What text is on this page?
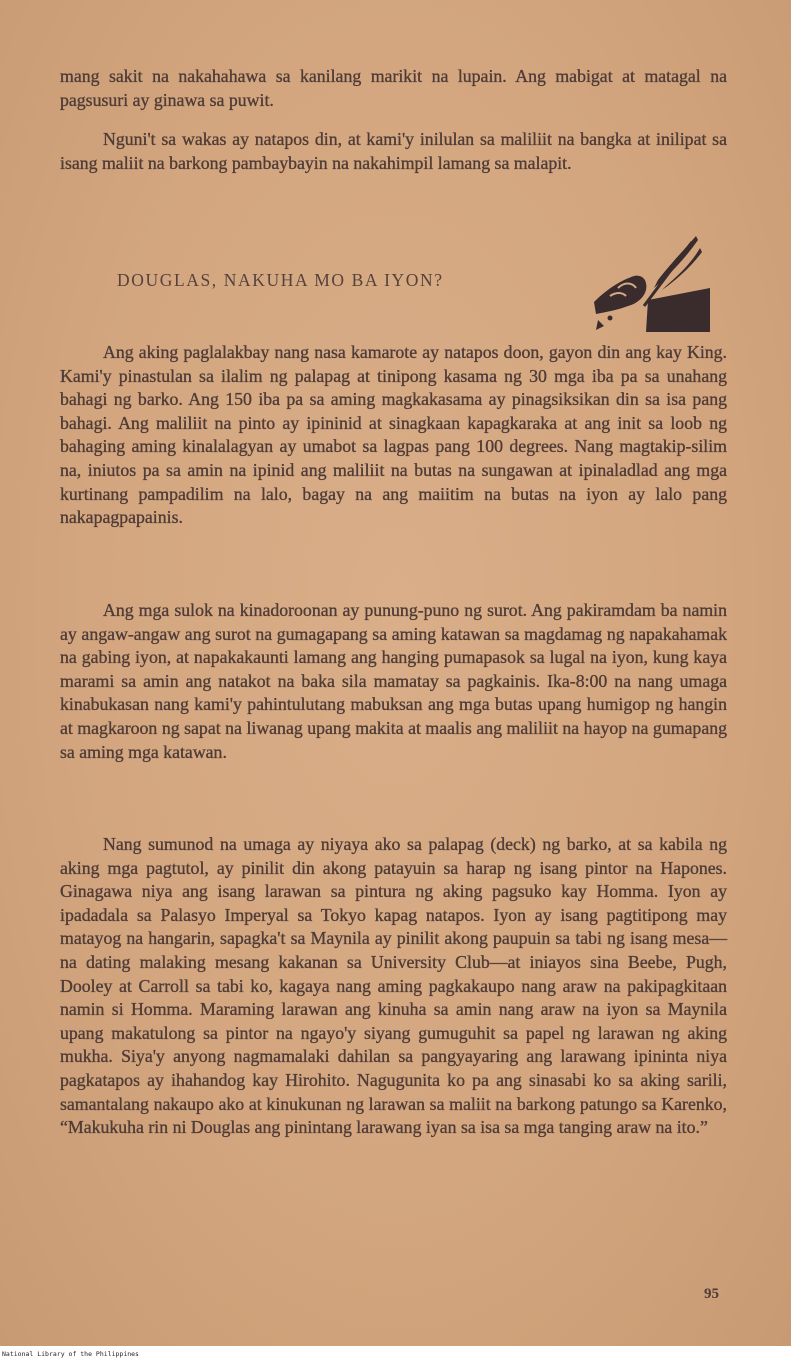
mang sakit na nakahahawa sa kanilang marikit na lupain. Ang mabigat at matagal na pagsusuri ay ginawa sa puwit.

Nguni't sa wakas ay natapos din, at kami'y inilulan sa maliliit na bangka at inilipat sa isang maliit na barkong pambaybayin na nakahimpil lamang sa malapit.

DOUGLAS, NAKUHA MO BA IYON?

Ang aking paglalakbay nang nasa kamarote ay natapos doon, gayon din ang kay King. Kami'y pinastulan sa ilalim ng palapag at tinipong kasama ng 30 mga iba pa sa unahang bahagi ng barko. Ang 150 iba pa sa aming magkakasama ay pinagsiksikan din sa isa pang bahagi. Ang maliliit na pinto ay ipininid at sinagkaan kapagkaraka at ang init sa loob ng bahaging aming kinalalagyan ay umabot sa lagpas pang 100 degrees. Nang magtakip-silim na, iniutos pa sa amin na ipinid ang maliliit na butas na sungawan at ipinaladlad ang mga kurtinang pampadilim na lalo, bagay na ang maiitim na butas na iyon ay lalo pang nakapagpapainis.

Ang mga sulok na kinadoroonan ay punung-puno ng surot. Ang pakiramdam ba namin ay angaw-angaw ang surot na gumagapang sa aming katawan sa magdamag ng napakahamak na gabing iyon, at napakakaunti lamang ang hanging pumapasok sa lugal na iyon, kung kaya marami sa amin ang natakot na baka sila mamatay sa pagkainis. Ika-8:00 na nang umaga kinabukasan nang kami'y pahintulutang mabuksan ang mga butas upang humigop ng hangin at magkaroon ng sapat na liwanag upang makita at maalis ang maliliit na hayop na gumapang sa aming mga katawan.

Nang sumunod na umaga ay niyaya ako sa palapag (deck) ng barko, at sa kabila ng aking mga pagtutol, ay pinilit din akong patayuin sa harap ng isang pintor na Hapones. Ginagawa niya ang isang larawan sa pintura ng aking pagsuko kay Homma. Iyon ay ipadadala sa Palasyo Imperyal sa Tokyo kapag natapos. Iyon ay isang pagtitipong may matayog na hangarin, sapagka't sa Maynila ay pinilit akong paupuin sa tabi ng isang mesa—na dating malaking mesang kakanan sa University Club—at iniayos sina Beebe, Pugh, Dooley at Carroll sa tabi ko, kagaya nang aming pagkakaupo nang araw na pakipagkitaan namin si Homma. Maraming larawan ang kinuha sa amin nang araw na iyon sa Maynila upang makatulong sa pintor na ngayo'y siyang gumuguhit sa papel ng larawan ng aking mukha. Siya'y anyong nagmamalaki dahilan sa pangyayaring ang larawang ipininta niya pagkatapos ay ihahandog kay Hirohito. Nagugunita ko pa ang sinasabi ko sa aking sarili, samantalang nakaupo ako at kinukunan ng larawan sa maliit na barkong patungo sa Karenko, “Makukuha rin ni Douglas ang pinintang larawang iyan sa isa sa mga tanging araw na ito.”

95
National Library of the Philippines
